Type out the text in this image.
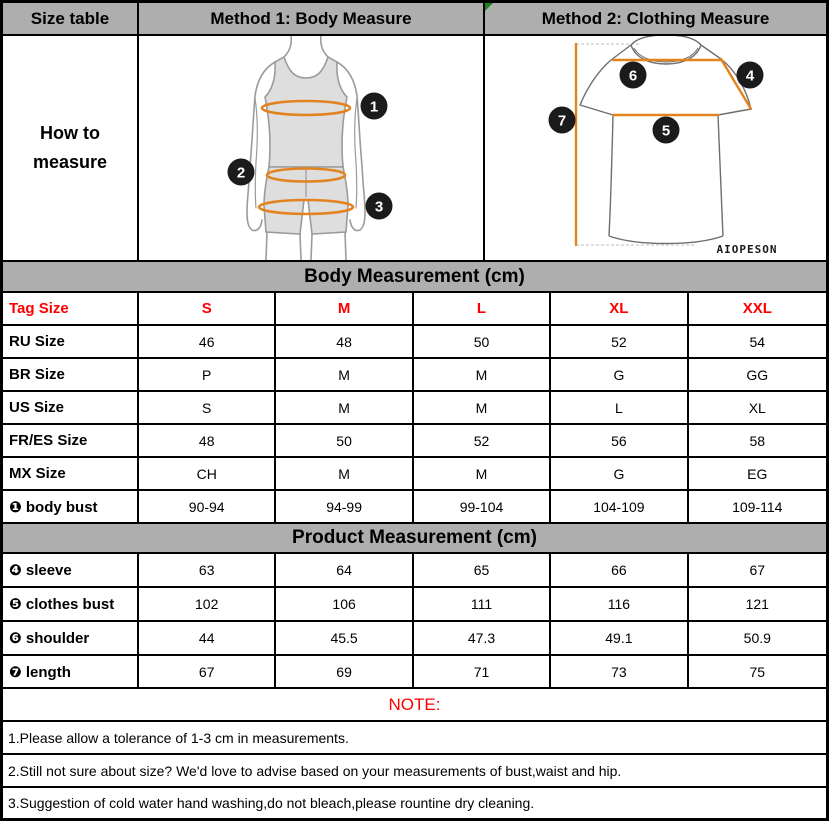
Size table	Method 1: Body Measure	Method 2: Clothing Measure
How to measure
1
2
3
7
6	4
5
AIOPESON
Body Measurement (cm)
Tag Size	S	M	L	XL	XXL
RU Size	46	48	50	52	54
BR Size	P	M	M	G	GG
US Size	S	M	M	L	XL
FR/ES Size	48	50	52	56	58
MX Size	CH	M	M	G	EG
❶ body bust	90-94	94-99	99-104	104-109	109-114
Product Measurement (cm)
❹ sleeve	63	64	65	66	67
❺ clothes bust	102	106	111	116	121
❻ shoulder	44	45.5	47.3	49.1	50.9
❼ length	67	69	71	73	75
NOTE:
1.Please allow a tolerance of 1-3 cm in measurements.
2.Still not sure about size? We'd love to advise based on your measurements of bust,waist and hip.
3.Suggestion of cold water hand washing,do not bleach,please rountine dry cleaning.
